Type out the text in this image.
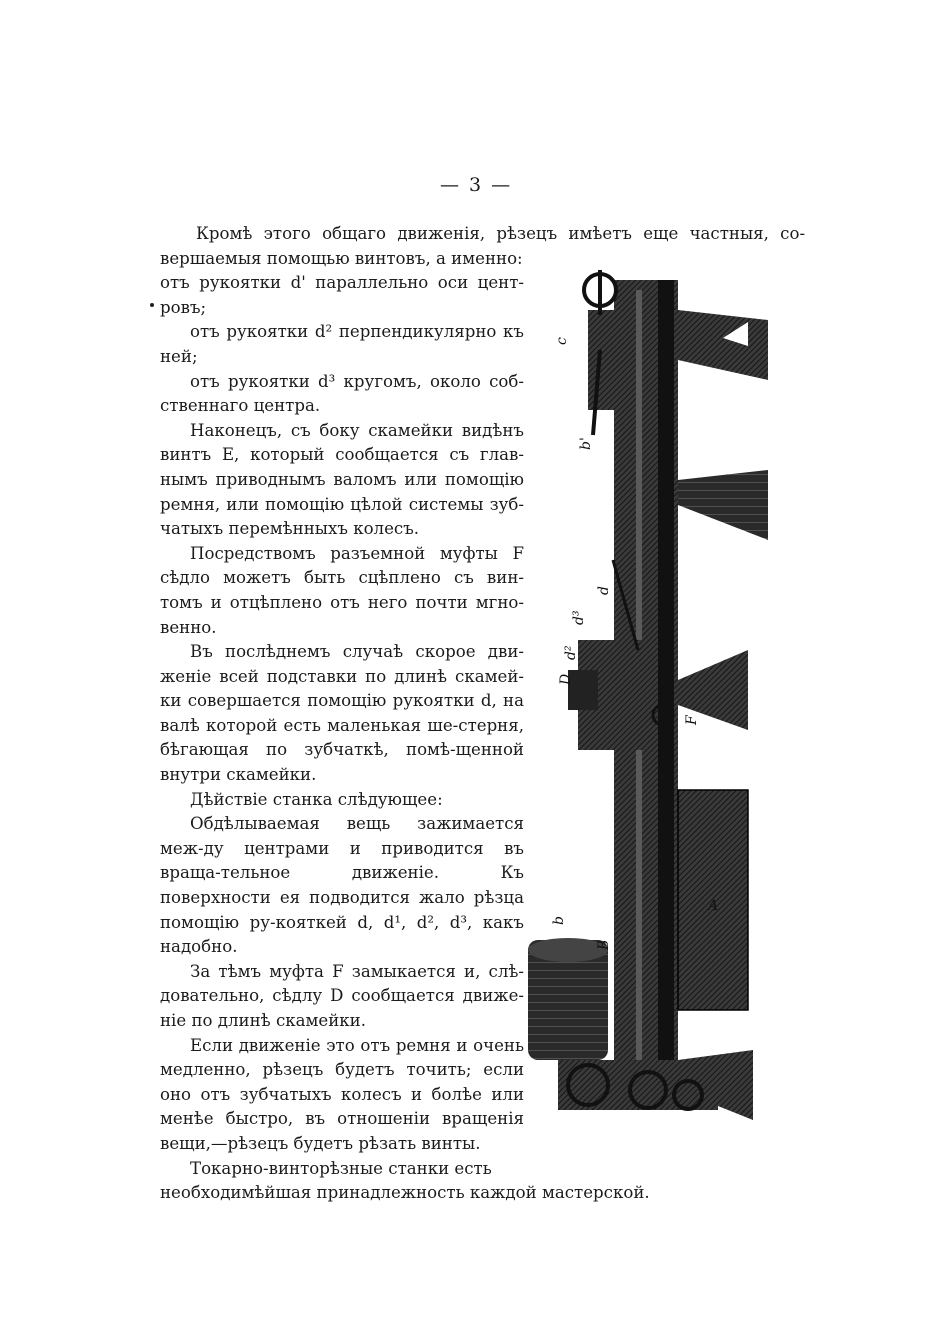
— 3 —
Кромѣ этого общаго движенія, рѣзецъ имѣетъ еще частныя, со-

вершаемыя помощью винтовъ, а именно:

отъ рукоятки d' параллельно оси цент-ровъ;

отъ рукоятки d² перпендикулярно къ ней;

отъ рукоятки d³ кругомъ, около соб-ственнаго центра.

Наконецъ, съ боку скамейки видѣнъ винтъ E, который сообщается съ глав-нымъ приводнымъ валомъ или помощію ремня, или помощію цѣлой системы зуб-чатыхъ перемѣнныхъ колесъ.

Посредствомъ разъемной муфты F сѣдло можетъ быть сцѣплено съ вин-томъ и отцѣплено отъ него почти мгно-венно.

Въ послѣднемъ случаѣ скорое дви-женіе всей подставки по длинѣ скамей-ки совершается помощію рукоятки d, на валѣ которой есть маленькая ше-стерня, бѣгающая по зубчаткѣ, помѣ-щенной внутри скамейки.

Дѣйствіе станка слѣдующее:

Обдѣлываемая вещь зажимается меж-ду центрами и приводится въ враща-тельное движеніе. Къ поверхности ея подводится жало рѣзца помощію ру-кояткей d, d¹, d², d³, какъ надобно.

За тѣмъ муфта F замыкается и, слѣ-довательно, сѣдлу D сообщается движе-ніе по длинѣ скамейки.

Если движеніе это отъ ремня и очень медленно, рѣзецъ будетъ точить; если оно отъ зубчатыхъ колесъ и болѣе или менѣе быстро, въ отношеніи вращенія вещи,—рѣзецъ будетъ рѣзать винты.

Токарно-винторѣзные станки есть

необходимѣйшая принадлежность каждой мастерской.
c
b'
d
d³
d²
D
F
A
B
b
